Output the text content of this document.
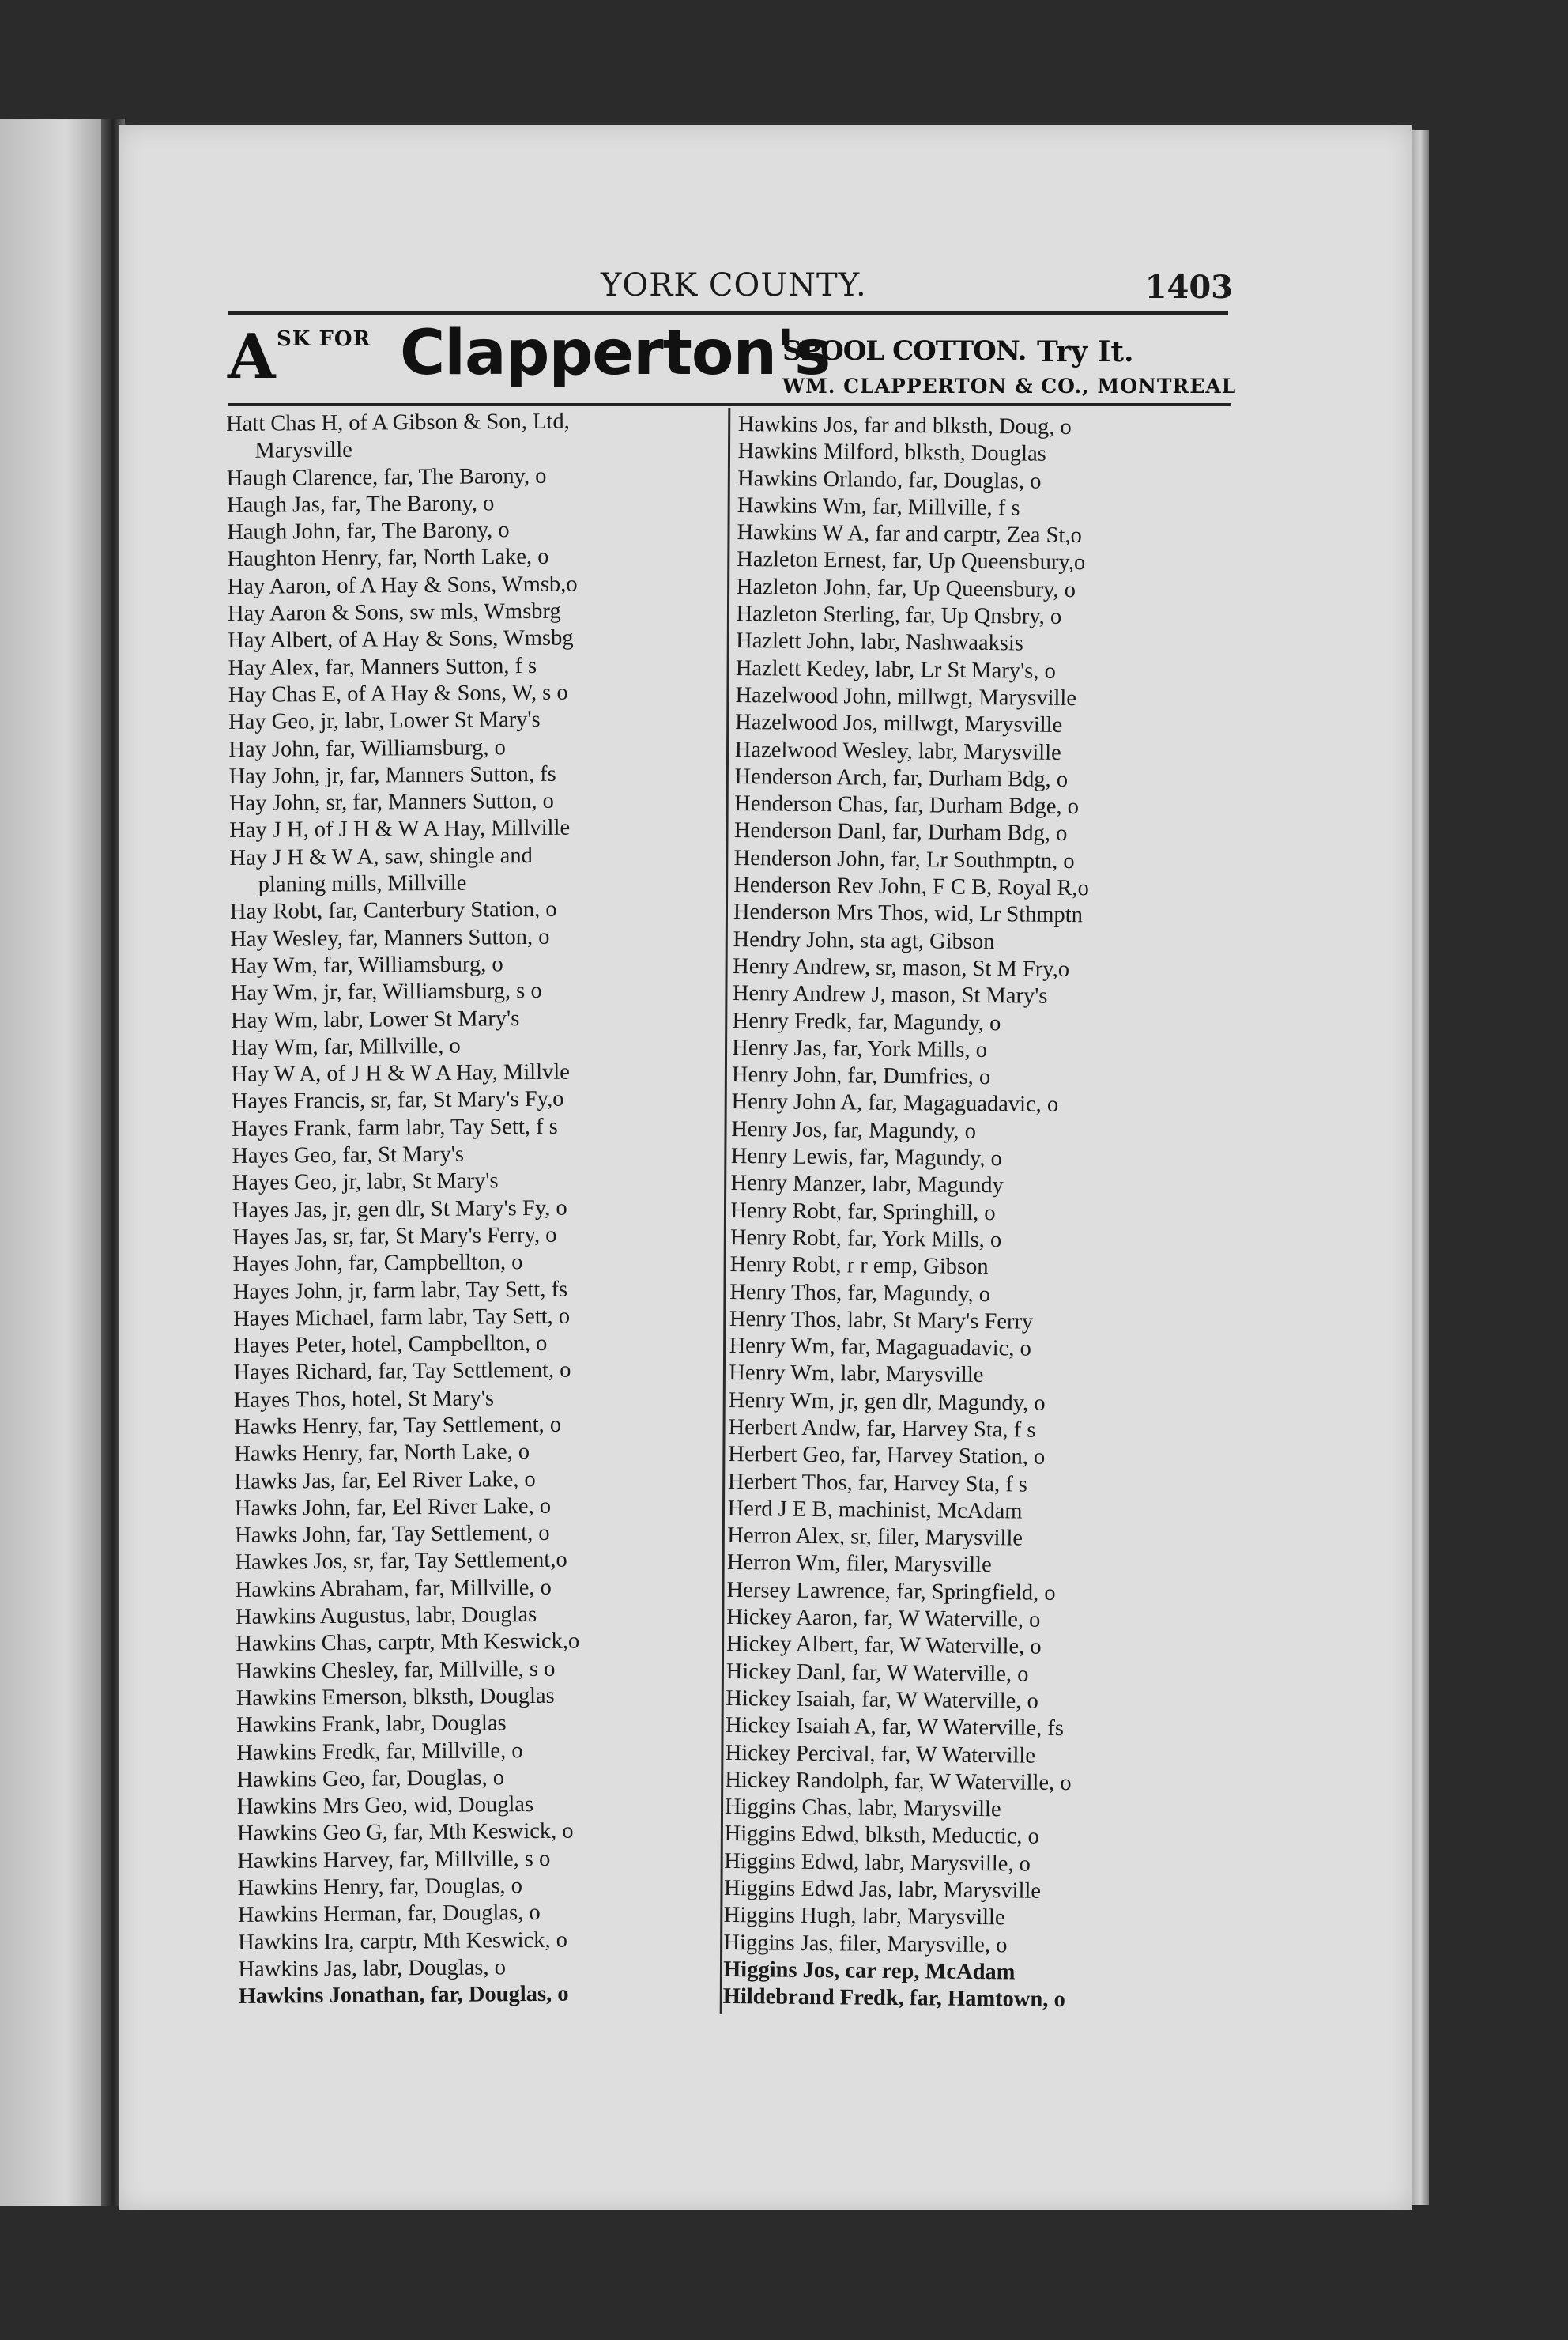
YORK COUNTY.	1403
A SK FOR Clapperton's
SPOOL COTTON. Try It.
WM. CLAPPERTON & CO., MONTREAL
Hatt Chas H, of A Gibson & Son, Ltd,
Marysville
Haugh Clarence, far, The Barony, o
Haugh Jas, far, The Barony, o
Haugh John, far, The Barony, o
Haughton Henry, far, North Lake, o
Hay Aaron, of A Hay & Sons, Wmsb,o
Hay Aaron & Sons, sw mls, Wmsbrg
Hay Albert, of A Hay & Sons, Wmsbg
Hay Alex, far, Manners Sutton, f s
Hay Chas E, of A Hay & Sons, W, s o
Hay Geo, jr, labr, Lower St Mary's
Hay John, far, Williamsburg, o
Hay John, jr, far, Manners Sutton, fs
Hay John, sr, far, Manners Sutton, o
Hay J H, of J H & W A Hay, Millville
Hay J H & W A, saw, shingle and
planing mills, Millville
Hay Robt, far, Canterbury Station, o
Hay Wesley, far, Manners Sutton, o
Hay Wm, far, Williamsburg, o
Hay Wm, jr, far, Williamsburg, s o
Hay Wm, labr, Lower St Mary's
Hay Wm, far, Millville, o
Hay W A, of J H & W A Hay, Millvle
Hayes Francis, sr, far, St Mary's Fy,o
Hayes Frank, farm labr, Tay Sett, f s
Hayes Geo, far, St Mary's
Hayes Geo, jr, labr, St Mary's
Hayes Jas, jr, gen dlr, St Mary's Fy, o
Hayes Jas, sr, far, St Mary's Ferry, o
Hayes John, far, Campbellton, o
Hayes John, jr, farm labr, Tay Sett, fs
Hayes Michael, farm labr, Tay Sett, o
Hayes Peter, hotel, Campbellton, o
Hayes Richard, far, Tay Settlement, o
Hayes Thos, hotel, St Mary's
Hawks Henry, far, Tay Settlement, o
Hawks Henry, far, North Lake, o
Hawks Jas, far, Eel River Lake, o
Hawks John, far, Eel River Lake, o
Hawks John, far, Tay Settlement, o
Hawkes Jos, sr, far, Tay Settlement,o
Hawkins Abraham, far, Millville, o
Hawkins Augustus, labr, Douglas
Hawkins Chas, carptr, Mth Keswick,o
Hawkins Chesley, far, Millville, s o
Hawkins Emerson, blksth, Douglas
Hawkins Frank, labr, Douglas
Hawkins Fredk, far, Millville, o
Hawkins Geo, far, Douglas, o
Hawkins Mrs Geo, wid, Douglas
Hawkins Geo G, far, Mth Keswick, o
Hawkins Harvey, far, Millville, s o
Hawkins Henry, far, Douglas, o
Hawkins Herman, far, Douglas, o
Hawkins Ira, carptr, Mth Keswick, o
Hawkins Jas, labr, Douglas, o
Hawkins Jonathan, far, Douglas, o
Hawkins Jos, far and blksth, Doug, o
Hawkins Milford, blksth, Douglas
Hawkins Orlando, far, Douglas, o
Hawkins Wm, far, Millville, f s
Hawkins W A, far and carptr, Zea St,o
Hazleton Ernest, far, Up Queensbury,o
Hazleton John, far, Up Queensbury, o
Hazleton Sterling, far, Up Qnsbry, o
Hazlett John, labr, Nashwaaksis
Hazlett Kedey, labr, Lr St Mary's, o
Hazelwood John, millwgt, Marysville
Hazelwood Jos, millwgt, Marysville
Hazelwood Wesley, labr, Marysville
Henderson Arch, far, Durham Bdg, o
Henderson Chas, far, Durham Bdge, o
Henderson Danl, far, Durham Bdg, o
Henderson John, far, Lr Southmptn, o
Henderson Rev John, F C B, Royal R,o
Henderson Mrs Thos, wid, Lr Sthmptn
Hendry John, sta agt, Gibson
Henry Andrew, sr, mason, St M Fry,o
Henry Andrew J, mason, St Mary's
Henry Fredk, far, Magundy, o
Henry Jas, far, York Mills, o
Henry John, far, Dumfries, o
Henry John A, far, Magaguadavic, o
Henry Jos, far, Magundy, o
Henry Lewis, far, Magundy, o
Henry Manzer, labr, Magundy
Henry Robt, far, Springhill, o
Henry Robt, far, York Mills, o
Henry Robt, r r emp, Gibson
Henry Thos, far, Magundy, o
Henry Thos, labr, St Mary's Ferry
Henry Wm, far, Magaguadavic, o
Henry Wm, labr, Marysville
Henry Wm, jr, gen dlr, Magundy, o
Herbert Andw, far, Harvey Sta, f s
Herbert Geo, far, Harvey Station, o
Herbert Thos, far, Harvey Sta, f s
Herd J E B, machinist, McAdam
Herron Alex, sr, filer, Marysville
Herron Wm, filer, Marysville
Hersey Lawrence, far, Springfield, o
Hickey Aaron, far, W Waterville, o
Hickey Albert, far, W Waterville, o
Hickey Danl, far, W Waterville, o
Hickey Isaiah, far, W Waterville, o
Hickey Isaiah A, far, W Waterville, fs
Hickey Percival, far, W Waterville
Hickey Randolph, far, W Waterville, o
Higgins Chas, labr, Marysville
Higgins Edwd, blksth, Meductic, o
Higgins Edwd, labr, Marysville, o
Higgins Edwd Jas, labr, Marysville
Higgins Hugh, labr, Marysville
Higgins Jas, filer, Marysville, o
Higgins Jos, car rep, McAdam
Hildebrand Fredk, far, Hamtown, o
